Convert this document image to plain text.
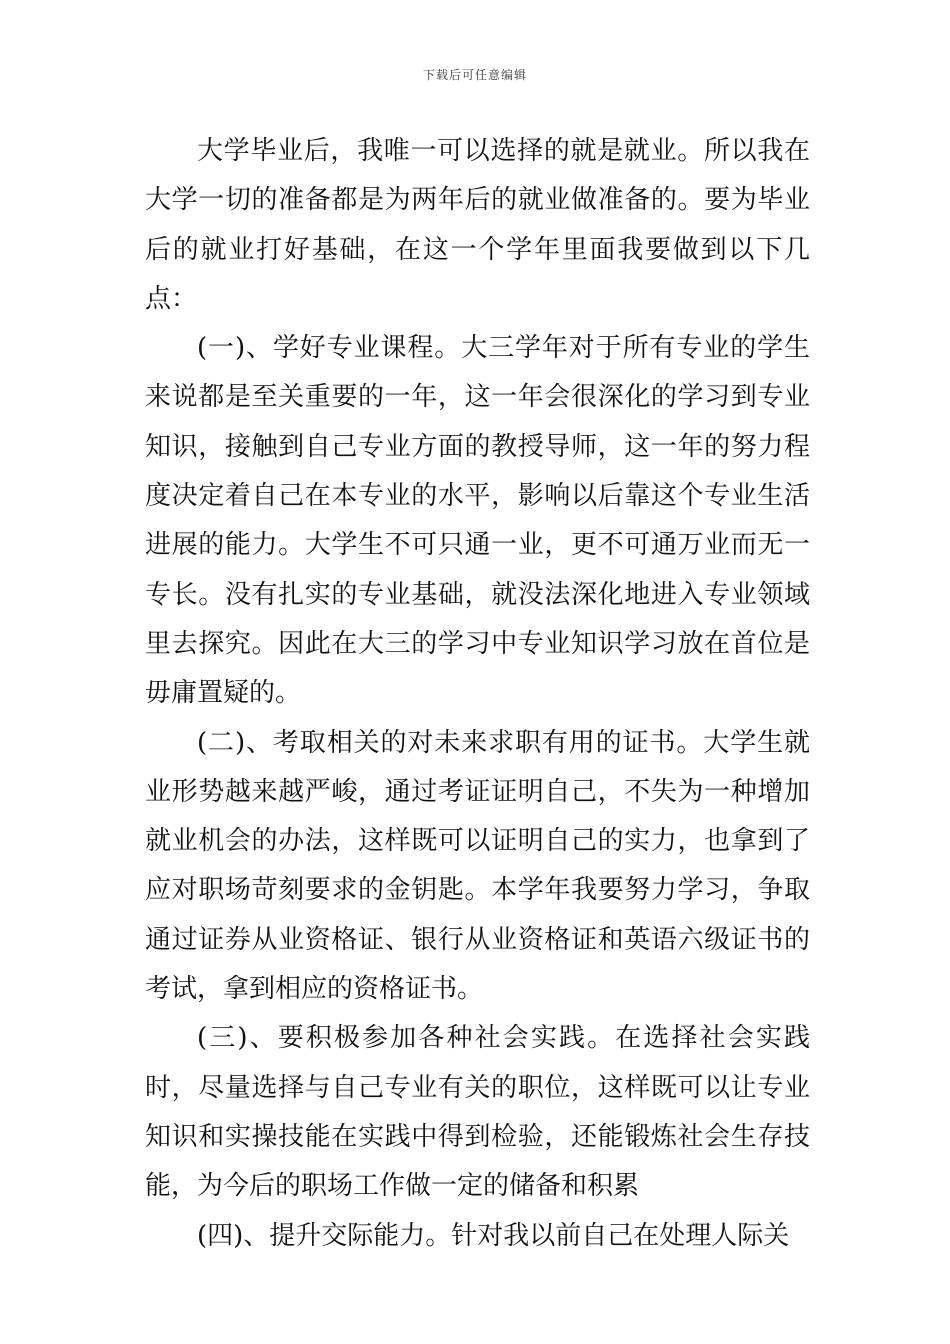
下载后可任意编辑

大学毕业后，我唯一可以选择的就是就业。所以我在大学一切的准备都是为两年后的就业做准备的。要为毕业后的就业打好基础，在这一个学年里面我要做到以下几点：

(一)、学好专业课程。大三学年对于所有专业的学生来说都是至关重要的一年，这一年会很深化的学习到专业知识，接触到自己专业方面的教授导师，这一年的努力程度决定着自己在本专业的水平，影响以后靠这个专业生活进展的能力。大学生不可只通一业，更不可通万业而无一专长。没有扎实的专业基础，就没法深化地进入专业领域里去探究。因此在大三的学习中专业知识学习放在首位是毋庸置疑的。

(二)、考取相关的对未来求职有用的证书。大学生就业形势越来越严峻，通过考证证明自己，不失为一种增加就业机会的办法，这样既可以证明自己的实力，也拿到了应对职场苛刻要求的金钥匙。本学年我要努力学习，争取通过证券从业资格证、银行从业资格证和英语六级证书的考试，拿到相应的资格证书。

(三)、要积极参加各种社会实践。在选择社会实践时，尽量选择与自己专业有关的职位，这样既可以让专业知识和实操技能在实践中得到检验，还能锻炼社会生存技能，为今后的职场工作做一定的储备和积累

(四)、提升交际能力。针对我以前自己在处理人际关
